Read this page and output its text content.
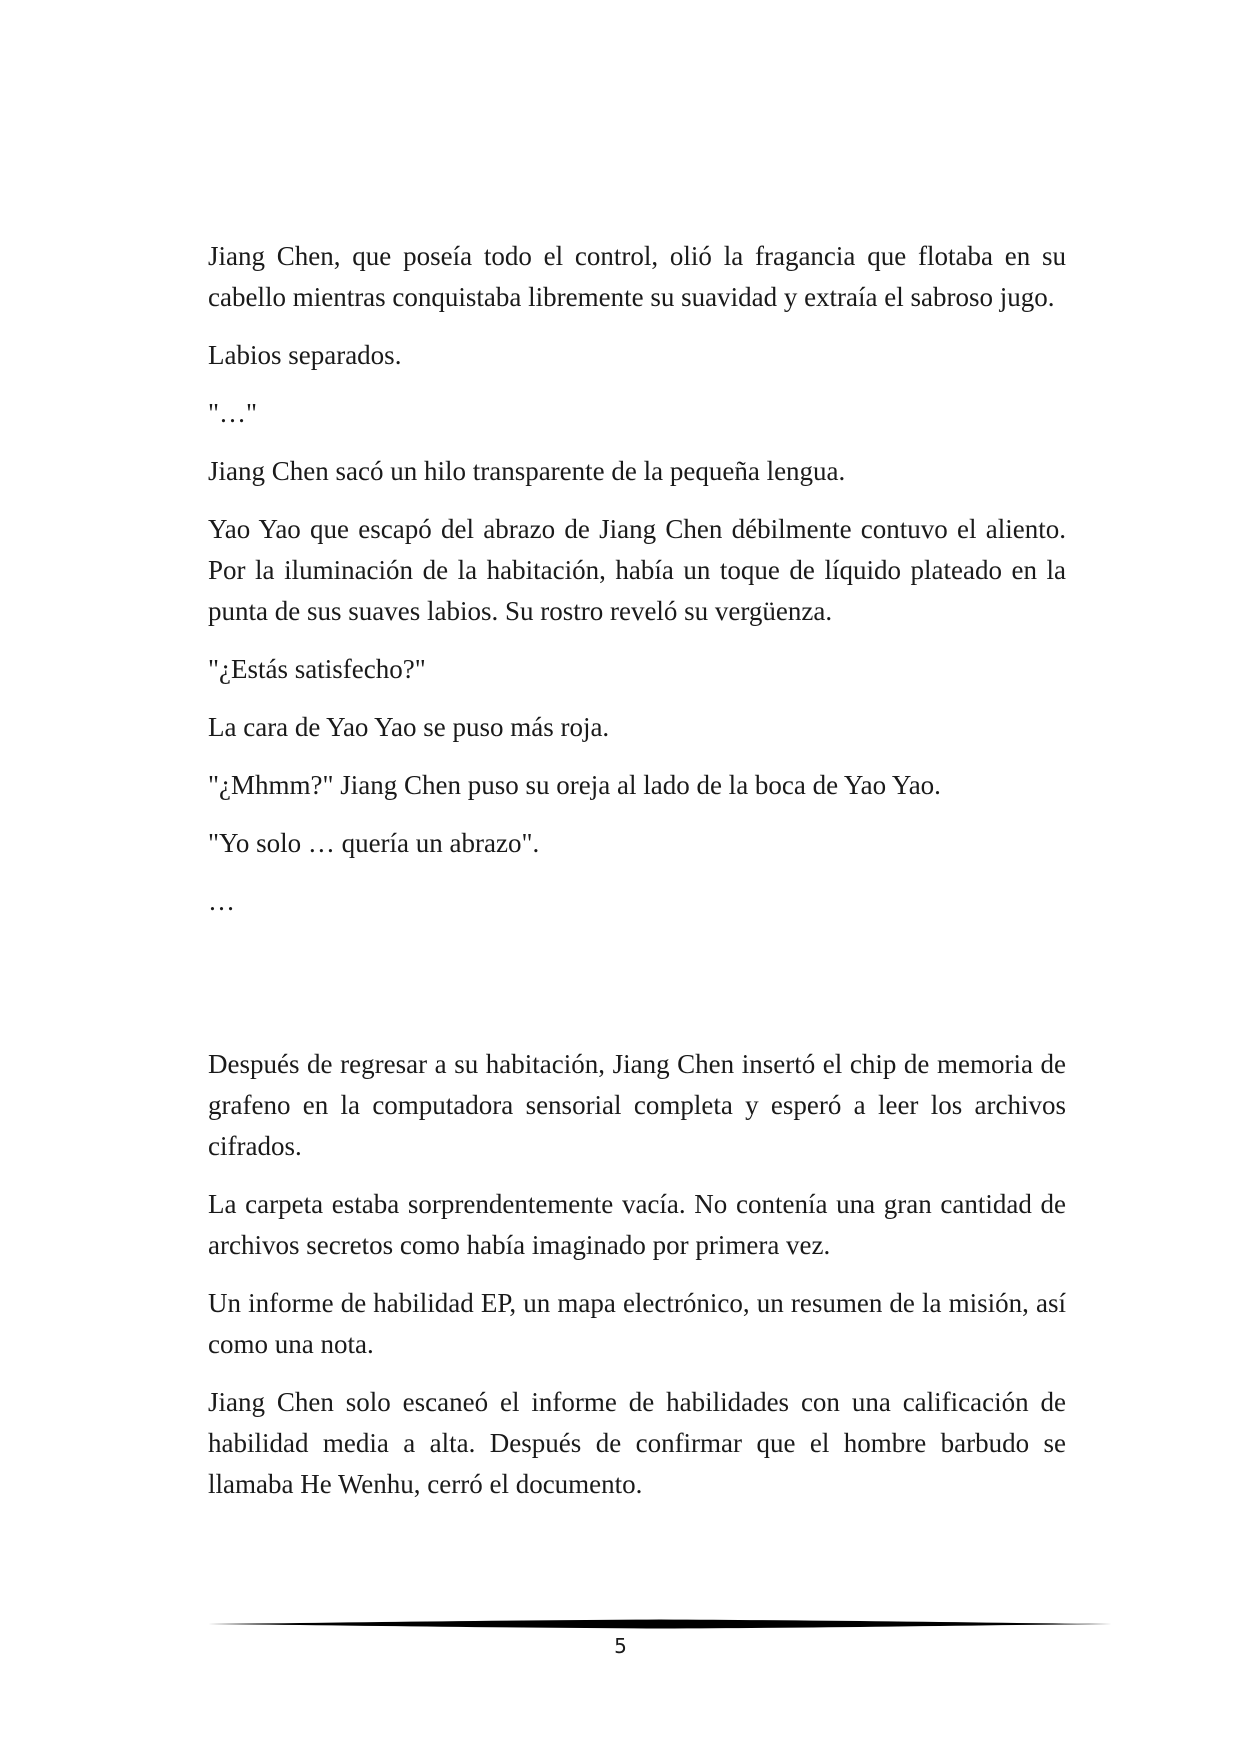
Jiang Chen, que poseía todo el control, olió la fragancia que flotaba en su cabello mientras conquistaba libremente su suavidad y extraía el sabroso jugo.

Labios separados.

"…"

Jiang Chen sacó un hilo transparente de la pequeña lengua.

Yao Yao que escapó del abrazo de Jiang Chen débilmente contuvo el aliento. Por la iluminación de la habitación, había un toque de líquido plateado en la punta de sus suaves labios. Su rostro reveló su vergüenza.

"¿Estás satisfecho?"

La cara de Yao Yao se puso más roja.

"¿Mhmm?" Jiang Chen puso su oreja al lado de la boca de Yao Yao.

"Yo solo … quería un abrazo".

…

Después de regresar a su habitación, Jiang Chen insertó el chip de memoria de grafeno en la computadora sensorial completa y esperó a leer los archivos cifrados.

La carpeta estaba sorprendentemente vacía. No contenía una gran cantidad de archivos secretos como había imaginado por primera vez.

Un informe de habilidad EP, un mapa electrónico, un resumen de la misión, así como una nota.

Jiang Chen solo escaneó el informe de habilidades con una calificación de habilidad media a alta. Después de confirmar que el hombre barbudo se llamaba He Wenhu, cerró el documento.

5
